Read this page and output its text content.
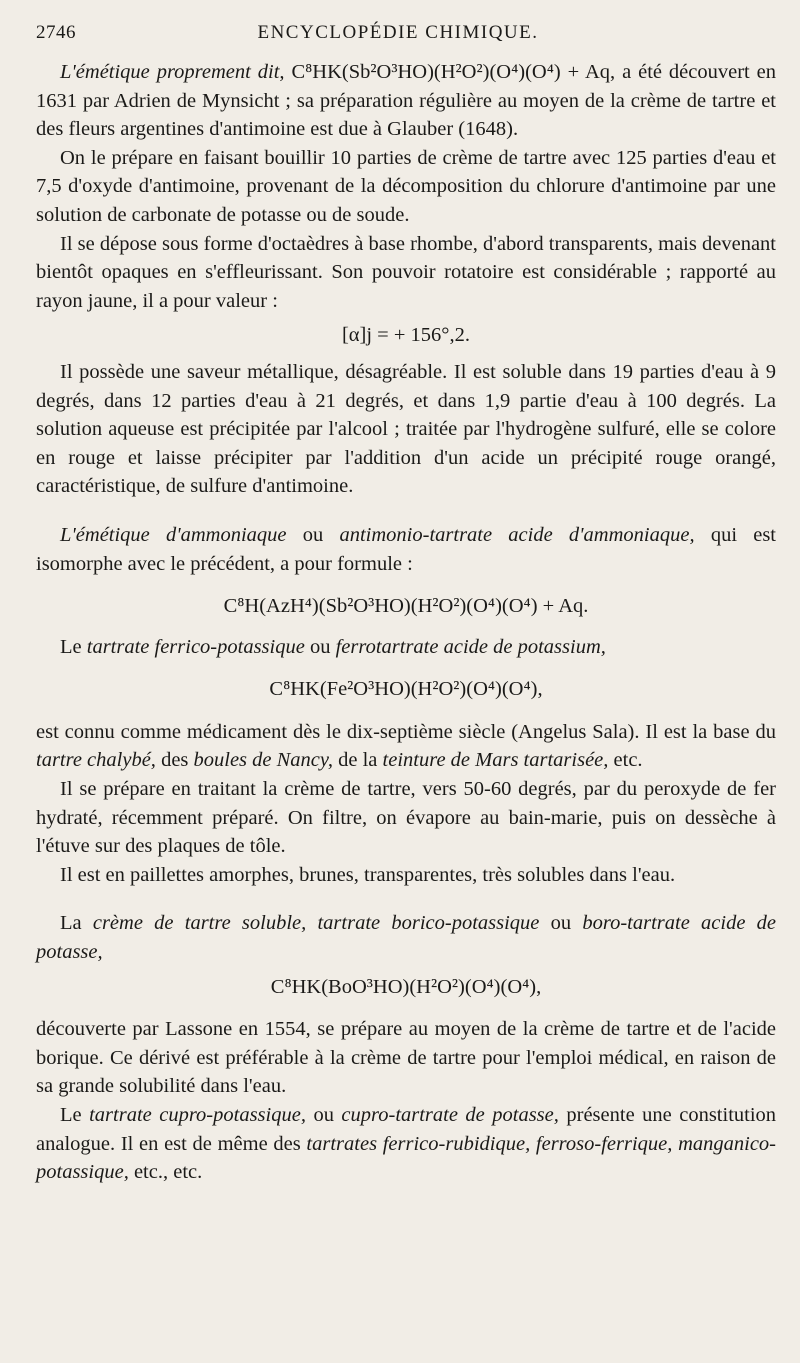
2746	ENCYCLOPÉDIE CHIMIQUE.

L'émétique proprement dit, C⁸HK(Sb²O³HO)(H²O²)(O⁴)(O⁴) + Aq, a été découvert en 1631 par Adrien de Mynsicht ; sa préparation régulière au moyen de la crème de tartre et des fleurs argentines d'antimoine est due à Glauber (1648).

On le prépare en faisant bouillir 10 parties de crème de tartre avec 125 parties d'eau et 7,5 d'oxyde d'antimoine, provenant de la décomposition du chlorure d'antimoine par une solution de carbonate de potasse ou de soude.

Il se dépose sous forme d'octaèdres à base rhombe, d'abord transparents, mais devenant bientôt opaques en s'effleurissant. Son pouvoir rotatoire est considérable ; rapporté au rayon jaune, il a pour valeur :

[α]j = + 156°,2.

Il possède une saveur métallique, désagréable. Il est soluble dans 19 parties d'eau à 9 degrés, dans 12 parties d'eau à 21 degrés, et dans 1,9 partie d'eau à 100 degrés. La solution aqueuse est précipitée par l'alcool ; traitée par l'hydrogène sulfuré, elle se colore en rouge et laisse précipiter par l'addition d'un acide un précipité rouge orangé, caractéristique, de sulfure d'antimoine.

L'émétique d'ammoniaque ou antimonio-tartrate acide d'ammoniaque, qui est isomorphe avec le précédent, a pour formule :

C⁸H(AzH⁴)(Sb²O³HO)(H²O²)(O⁴)(O⁴) + Aq.

Le tartrate ferrico-potassique ou ferrotartrate acide de potassium,

C⁸HK(Fe²O³HO)(H²O²)(O⁴)(O⁴),

est connu comme médicament dès le dix-septième siècle (Angelus Sala). Il est la base du tartre chalybé, des boules de Nancy, de la teinture de Mars tartarisée, etc.

Il se prépare en traitant la crème de tartre, vers 50-60 degrés, par du peroxyde de fer hydraté, récemment préparé. On filtre, on évapore au bain-marie, puis on dessèche à l'étuve sur des plaques de tôle.

Il est en paillettes amorphes, brunes, transparentes, très solubles dans l'eau.

La crème de tartre soluble, tartrate borico-potassique ou boro-tartrate acide de potasse,

C⁸HK(BoO³HO)(H²O²)(O⁴)(O⁴),

découverte par Lassone en 1554, se prépare au moyen de la crème de tartre et de l'acide borique. Ce dérivé est préférable à la crème de tartre pour l'emploi médical, en raison de sa grande solubilité dans l'eau.

Le tartrate cupro-potassique, ou cupro-tartrate de potasse, présente une constitution analogue. Il en est de même des tartrates ferrico-rubidique, ferroso-ferrique, manganico-potassique, etc., etc.
